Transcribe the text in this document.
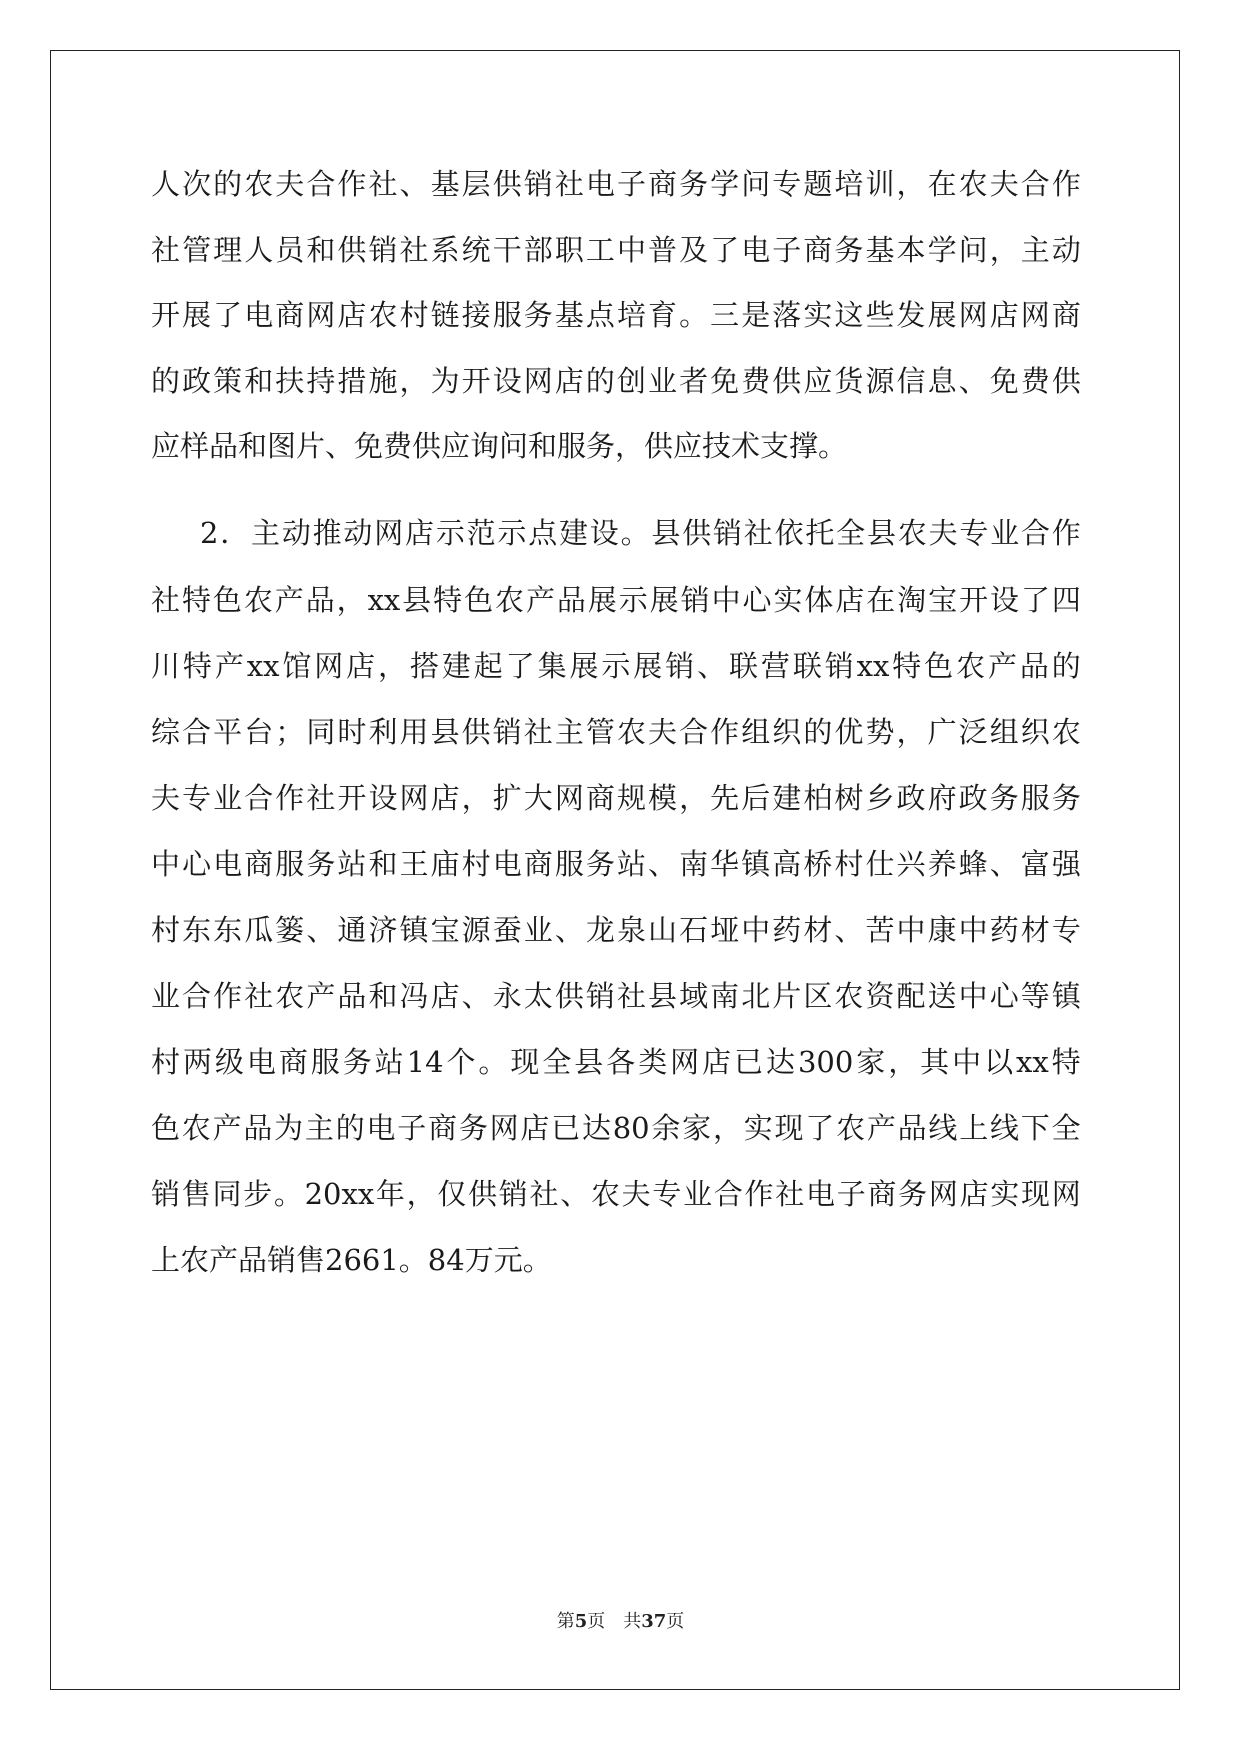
人 次 的 农 夫 合 作 社 、 基 层 供 销 社 电 子 商 务 学 问 专 题 培 训 ， 在 农 夫 合 作
社 管 理 人 员 和 供 销 社 系 统 干 部 职 工 中 普 及 了 电 子 商 务 基 本 学 问 ， 主 动
开 展 了 电 商 网 店 农 村 链 接 服 务 基 点 培 育 。 三 是 落 实 这 些 发 展 网 店 网 商
的 政 策 和 扶 持 措 施 ， 为 开 设 网 店 的 创 业 者 免 费 供 应 货 源 信 息 、 免 费 供
应样品和图片、免费供应询问和服务，供应技术支撑。
2 ． 主 动 推 动 网 店 示 范 示 点 建 设 。 县 供 销 社 依 托 全 县 农 夫 专 业 合 作
社 特 色 农 产 品 ， xx 县 特 色 农 产 品 展 示 展 销 中 心 实 体 店 在 淘 宝 开 设 了 四
川 特 产 xx 馆 网 店 ， 搭 建 起 了 集 展 示 展 销 、 联 营 联 销 xx 特 色 农 产 品 的
综 合 平 台 ； 同 时 利 用 县 供 销 社 主 管 农 夫 合 作 组 织 的 优 势 ， 广 泛 组 织 农
夫 专 业 合 作 社 开 设 网 店 ， 扩 大 网 商 规 模 ， 先 后 建 柏 树 乡 政 府 政 务 服 务
中 心 电 商 服 务 站 和 王 庙 村 电 商 服 务 站 、 南 华 镇 高 桥 村 仕 兴 养 蜂 、 富 强
村 东 东 瓜 篓 、 通 济 镇 宝 源 蚕 业 、 龙 泉 山 石 垭 中 药 材 、 苦 中 康 中 药 材 专
业 合 作 社 农 产 品 和 冯 店 、 永 太 供 销 社 县 域 南 北 片 区 农 资 配 送 中 心 等 镇
村 两 级 电 商 服 务 站 14 个 。 现 全 县 各 类 网 店 已 达 300 家 ， 其 中 以 xx 特
色 农 产 品 为 主 的 电 子 商 务 网 店 已 达 80 余 家 ， 实 现 了 农 产 品 线 上 线 下 全
销 售 同 步 。 20xx 年 ， 仅 供 销 社 、 农 夫 专 业 合 作 社 电 子 商 务 网 店 实 现 网
上农产品销售2661。84万元。
第5页　共37页
